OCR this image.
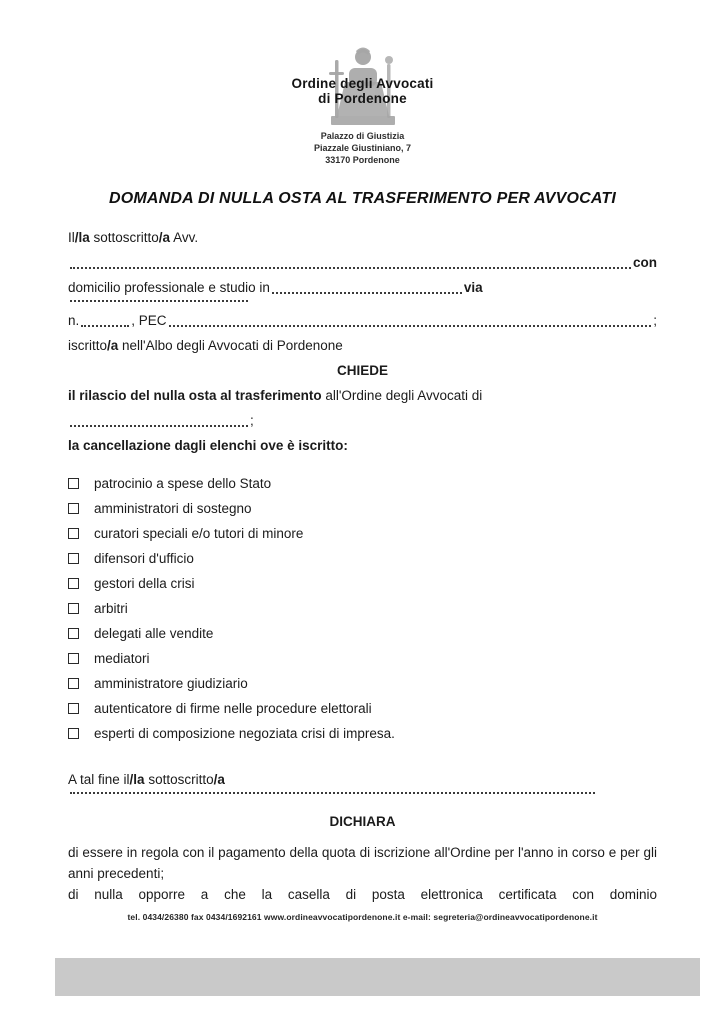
Ordine degli Avvocati
di Pordenone
Palazzo di Giustizia
Piazzale Giustiniano, 7
33170 Pordenone
DOMANDA DI NULLA OSTA AL TRASFERIMENTO PER AVVOCATI
Il/la sottoscritto/a Avv.
con
domicilio professionale e studio in	via
n.	, PEC	;
iscritto/a nell'Albo degli Avvocati di Pordenone
CHIEDE
il rilascio del nulla osta al trasferimento all'Ordine degli Avvocati di
;
la cancellazione dagli elenchi ove è iscritto:
patrocinio a spese dello Stato
amministratori di sostegno
curatori speciali e/o tutori di minore
difensori d'ufficio
gestori della crisi
arbitri
delegati alle vendite
mediatori
amministratore giudiziario
autenticatore di firme nelle procedure elettorali
esperti di composizione negoziata crisi di impresa.
A tal fine il/la sottoscritto/a
DICHIARA
di essere in regola con il pagamento della quota di iscrizione all'Ordine per l'anno in corso e per gli anni precedenti;
di nulla opporre a che la casella di posta elettronica certificata con dominio
tel. 0434/26380 fax 0434/1692161 www.ordineavvocatipordenone.it e-mail: segreteria@ordineavvocatipordenone.it
